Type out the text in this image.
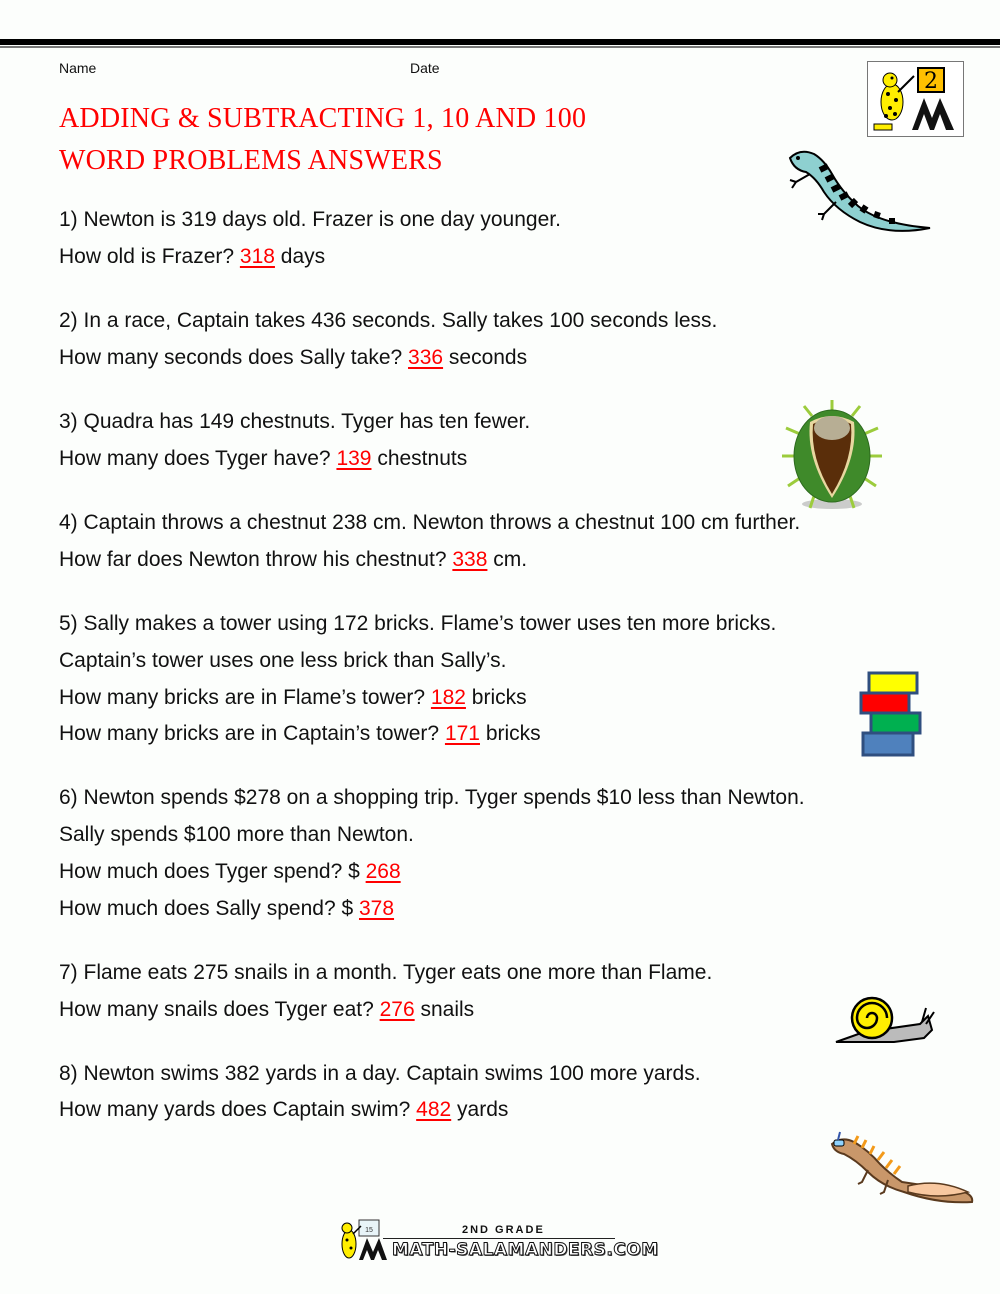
Name	Date
2
ADDING & SUBTRACTING 1, 10 AND 100
WORD PROBLEMS ANSWERS
1) Newton is 319 days old. Frazer is one day younger.
How old is Frazer? 318 days
2) In a race, Captain takes 436 seconds. Sally takes 100 seconds less.
How many seconds does Sally take? 336 seconds
3) Quadra has 149 chestnuts. Tyger has ten fewer.
How many does Tyger have? 139 chestnuts
4) Captain throws a chestnut 238 cm. Newton throws a chestnut 100 cm further.
How far does Newton throw his chestnut? 338 cm.
5) Sally makes a tower using 172 bricks. Flame’s tower uses ten more bricks.
Captain’s tower uses one less brick than Sally’s.
How many bricks are in Flame’s tower? 182 bricks
How many bricks are in Captain’s tower? 171 bricks
6) Newton spends $278 on a shopping trip. Tyger spends $10 less than Newton.
Sally spends $100 more than Newton.
How much does Tyger spend? $ 268
How much does Sally spend? $ 378
7) Flame eats 275 snails in a month. Tyger eats one more than Flame.
How many snails does Tyger eat? 276 snails
8) Newton swims 382 yards in a day. Captain swims 100 more yards.
How many yards does Captain swim? 482 yards
15	2ND GRADE
MATH-SALAMANDERS.COM
